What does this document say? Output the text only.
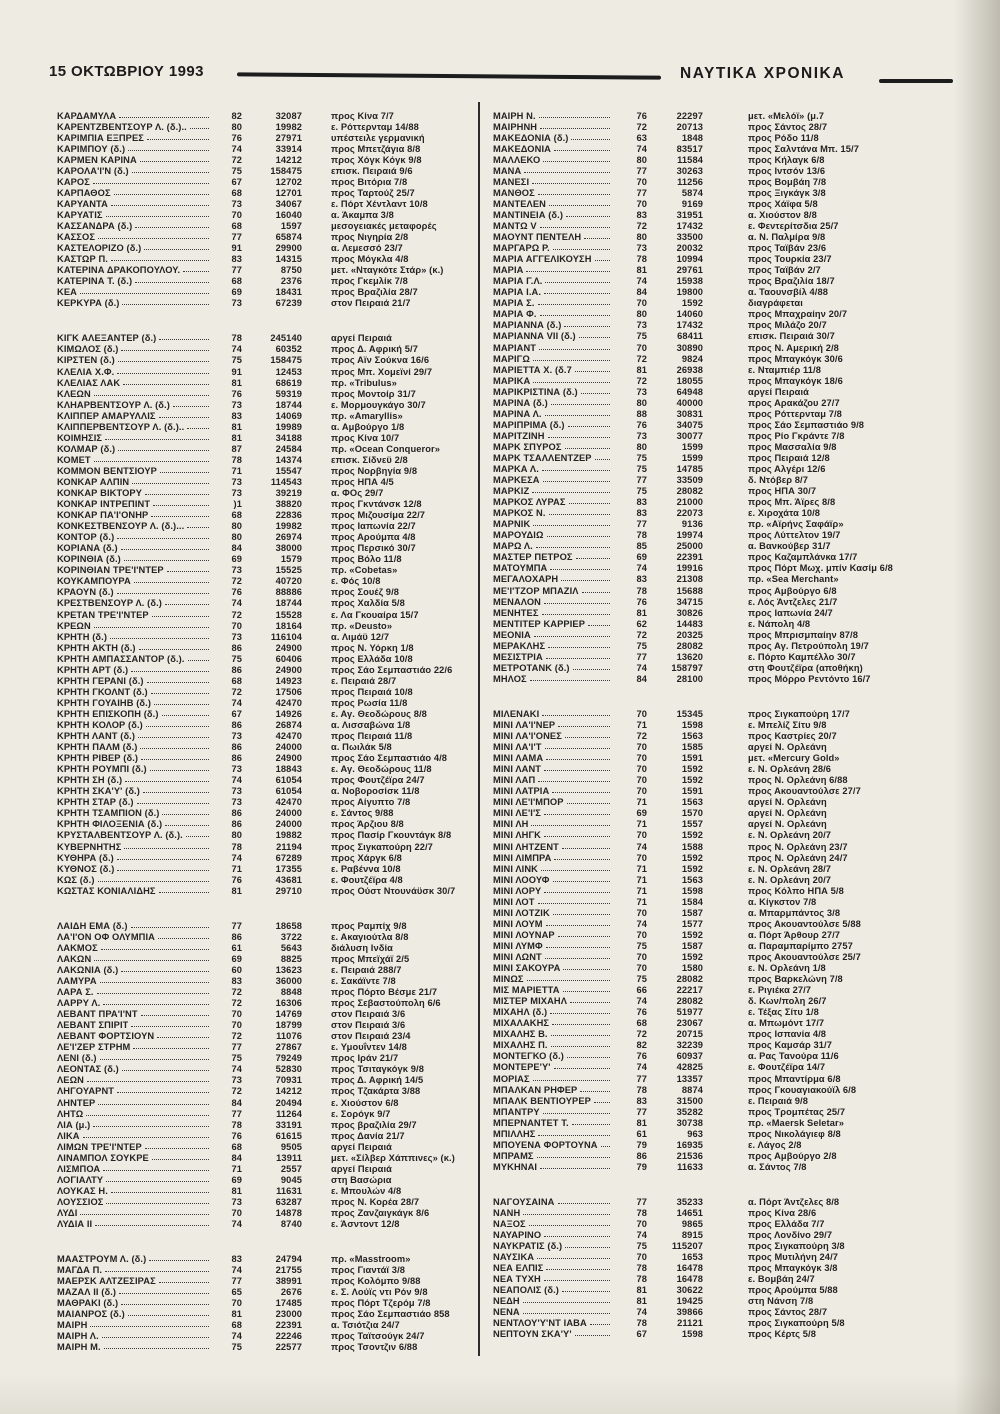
15 ΟΚΤΩΒΡΙΟΥ 1993	ΝΑΥΤΙΚΑ ΧΡΟΝΙΚΑ
ΚΑΡΔΑΜΥΛΑ	82	32087	προς Κίνα 7/7
ΚΑΡΕΝΤΖΒΕΝΤΣΟΥΡ Λ. (δ.)..	80	19982	ε. Ρόττερνταμ 14/88
ΚΑΡΙΜΠΙΑ ΕΞΠΡΕΣ	76	27971	υπέστειλε γερμανική
ΚΑΡΙΜΠΟΥ (δ.)	74	33914	προς Μπετζάγια 8/8
ΚΑΡΜΕΝ ΚΑΡΙΝΑ	72	14212	προς Χόγκ Κόγκ 9/8
ΚΑΡΟΛΑ'Ι'Ν (δ.)	75	158475	επισκ. Πειραιά 9/6
ΚΑΡΟΣ	67	12702	προς Βιτόρια 7/8
ΚΑΡΠΑΘΟΣ	68	12701	προς Ταρτούζ 25/7
ΚΑΡΥΑΝΤΑ	73	34067	ε. Πόρτ Χέντλαντ 10/8
ΚΑΡΥΑΤΙΣ	70	16040	α. Άκαμπα 3/8
ΚΑΣΣΑΝΔΡΑ (δ.)	68	1597	μεσογειακές μεταφορές
ΚΑΣΣΟΣ	77	65874	προς Νιγηρία 2/8
ΚΑΣΤΕΛΟΡΙΖΟ (δ.)	91	29900	α. Λεμεσσό 23/7
ΚΑΣΤΩΡ Π.	83	14315	προς Μόγκλα 4/8
ΚΑΤΕΡΙΝΑ ΔΡΑΚΟΠΟΥΛΟΥ.	77	8750	μετ. «Νταγκότε Στάρ» (κ.)
ΚΑΤΕΡΙΝΑ Τ. (δ.)	68	2376	προς Γκεμλίκ 7/8
ΚΕΑ	69	18431	προς Βραζιλία 28/7
ΚΕΡΚΥΡΑ (δ.)	73	67239	στον Πειραιά 21/7
ΚΙΓΚ ΑΛΕΞΑΝΤΕΡ (δ.)	78	245140	αργεί Πειραιά
ΚΙΜΩΛΟΣ (δ.)	74	60352	προς Δ. Αφρική 5/7
ΚΙΡΣΤΕΝ (δ.)	75	158475	προς Αϊν Σούκνα 16/6
ΚΛΕΛΙΑ Χ.Φ.	91	12453	προς Μπ. Χομεϊνί 29/7
ΚΛΕΛΙΑΣ ΛΑΚ	81	68619	πρ. «Tribulus»
ΚΛΕΩΝ	76	59319	προς Μοντοίρ 31/7
ΚΛΗΑΡΒΕΝΤΣΟΥΡ Λ. (δ.)	73	18744	ε. Μορμουγκάγο 30/7
ΚΛΙΠΠΕΡ ΑΜΑΡΥΛΛΙΣ	83	14069	πρ. «Amaryllis»
ΚΛΙΠΠΕΡΒΕΝΤΣΟΥΡ Λ. (δ.)..	81	19989	α. Αμβούργο 1/8
ΚΟΙΜΗΣΙΣ	81	34188	προς Κίνα 10/7
ΚΟΛΜΑΡ (δ.)	87	24584	πρ. «Ocean Conqueror»
ΚΟΜΕΤ	78	14374	επισκ. Σίδνεϋ 2/8
ΚΟΜΜΟΝ ΒΕΝΤΣΙΟΥΡ	71	15547	προς Νορβηγία 9/8
ΚΟΝΚΑΡ ΑΛΠΙΝ	73	114543	προς ΗΠΑ 4/5
ΚΟΝΚΑΡ ΒΙΚΤΟΡΥ	73	39219	α. ΦΟς 29/7
ΚΟΝΚΑΡ ΙΝΤΡΕΠΙΝΤ	)1	38820	προς Γκντάνσκ 12/8
ΚΟΝΚΑΡ ΠΑ'Ι'ΟΝΗΡ	68	22836	προς Μιζουσίμα 22/7
ΚΟΝΚΕΣΤΒΕΝΣΟΥΡ Λ. (δ.)...	80	19982	προς Ιαπωνία 22/7
ΚΟΝΤΟΡ (δ.)	80	26974	προς Αρούμπα 4/8
ΚΟΡΙΑΝΑ (δ.)	84	38000	προς Περσικό 30/7
ΚΟΡΙΝΘΙΑ (δ.)	69	1579	προς Βόλο 11/8
ΚΟΡΙΝΘΙΑΝ ΤΡΕ'Ι'ΝΤΕΡ	73	15525	πρ. «Cobetas»
ΚΟΥΚΑΜΠΟΥΡΑ	72	40720	ε. Φός 10/8
ΚΡΑΟΥΝ (δ.)	76	88886	προς Σουέζ 9/8
ΚΡΕΣΤΒΕΝΣΟΥΡ Λ. (δ.)	74	18744	προς Χαλδία 5/8
ΚΡΕΤΑΝ ΤΡΕ'Ι'ΝΤΕΡ	72	15528	ε. Λα Γκουαίρα 15/7
ΚΡΕΩΝ	70	18164	πρ. «Deusto»
ΚΡΗΤΗ (δ.)	73	116104	α. Λιμάϋ 12/7
ΚΡΗΤΗ ΑΚΤΗ (δ.)	86	24900	προς Ν. Υόρκη 1/8
ΚΡΗΤΗ ΑΜΠΑΣΣΑΝΤΟΡ (δ.).	75	60406	προς Ελλάδα 10/8
ΚΡΗΤΗ ΑΡΤ (δ.)	86	24900	προς Σάο Σεμπαστιάο 22/6
ΚΡΗΤΗ ΓΕΡΑΝΙ (δ.)	68	14923	ε. Πειραιά 28/7
ΚΡΗΤΗ ΓΚΟΛΝΤ (δ.)	72	17506	προς Πειραιά 10/8
ΚΡΗΤΗ ΓΟΥΑΙΗΒ (δ.)	74	42470	προς Ρωσία 11/8
ΚΡΗΤΗ ΕΠΙΣΚΟΠΗ (δ.)	67	14926	ε. Αγ. Θεοδώρους 8/8
ΚΡΗΤΗ ΚΟΛΟΡ (δ.)	86	26874	α. Λισσαβώνα 1/8
ΚΡΗΤΗ ΛΑΝΤ (δ.)	73	42470	προς Πειραιά 11/8
ΚΡΗΤΗ ΠΑΛΜ (δ.)	86	24000	α. Πωιλάκ 5/8
ΚΡΗΤΗ ΡΙΒΕΡ (δ.)	86	24900	προς Σάο Σεμπαστιάο 4/8
ΚΡΗΤΗ ΡΟΥΜΠΙ (δ.)	73	18843	ε. Αγ. Θεοδώρους 11/8
ΚΡΗΤΗ ΣΗ (δ.)	74	61054	προς Φουτζέϊρα 24/7
ΚΡΗΤΗ ΣΚΑ'Υ' (δ.)	73	61054	α. Νοβοροσίσκ 11/8
ΚΡΗΤΗ ΣΤΑΡ (δ.)	73	42470	προς Αίγυπτο 7/8
ΚΡΗΤΗ ΤΣΑΜΠΙΟΝ (δ.)	86	24000	ε. Σάντος 9/88
ΚΡΗΤΗ ΦΙΛΟΞΕΝΙΑ (δ.)	86	24000	προς Άρζιου 8/8
ΚΡΥΣΤΑΛΒΕΝΤΣΟΥΡ Λ. (δ.).	80	19882	προς Πασίρ Γκουντάγκ 8/8
ΚΥΒΕΡΝΗΤΗΣ	78	21194	προς Σιγκαπούρη 22/7
ΚΥΘΗΡΑ (δ.)	74	67289	προς Χάργκ 6/8
ΚΥΘΝΟΣ (δ.)	71	17355	ε. Ραβέννα 10/8
ΚΩΣ (δ.)	76	43681	ε. Φουτζέϊρα 4/8
ΚΩΣΤΑΣ ΚΟΝΙΑΛΙΔΗΣ	81	29710	προς Ούστ Ντουνάϋσκ 30/7
ΛΑΙΔΗ ΕΜΑ (δ.)	77	18658	προς Ραμπίχ 9/8
ΛΑ'Ι'ΟΝ ΟΦ ΟΛΥΜΠΙΑ	86	3722	ε. Ακαγιούτλα 8/8
ΛΑΚΜΟΣ	61	5643	διάλυση Ινδία
ΛΑΚΩΝ	69	8825	προς Μπεϊχάϊ 2/5
ΛΑΚΩΝΙΑ (δ.)	60	13623	ε. Πειραιά 288/7
ΛΑΜΥΡΑ	83	36000	ε. Σακάϊντε 7/8
ΛΑΡΑ Σ.	72	8848	προς Πόρτο Βέσμε 21/7
ΛΑΡΡΥ Λ.	72	16306	προς Σεβαστούπολη 6/6
ΛΕΒΑΝΤ ΠΡΑ'Ι'ΝΤ	70	14769	στον Πειραιά 3/6
ΛΕΒΑΝΤ ΣΠΙΡΙΤ	70	18799	στον Πειραιά 3/6
ΛΕΒΑΝΤ ΦΟΡΤΣΙΟΥΝ	72	11076	στον Πειραιά 23/4
ΛΕ'Ι'ΖΕΡ ΣΤΡΗΜ	77	27867	ε. Υμουΐντεν 14/8
ΛΕΝΙ (δ.)	75	79249	προς Ιράν 21/7
ΛΕΟΝΤΑΣ (δ.)	74	52830	προς Τσιταγκόγκ 9/8
ΛΕΩΝ	73	70931	προς Δ. Αφρική 14/5
ΛΗΓΟΥΑΡΝΤ	72	14212	προς Τζακάρτα 3/88
ΛΗΝΤΕΡ	84	20494	ε. Χιούστον 6/8
ΛΗΤΩ	77	11264	ε. Σορόγκ 9/7
ΛΙΑ (μ.)	78	33191	προς βραζιλία 29/7
ΛΙΚΑ	76	61615	προς Δανία 21/7
ΛΙΜΩΝ ΤΡΕ'Ι'ΝΤΕΡ	68	9505	αργεί Πειραιά
ΛΙΝΑΜΠΟΛ ΣΟΥΚΡΕ	84	13911	μετ. «Σίλβερ Χάππινες» (κ.)
ΛΙΣΜΠΟΑ	71	2557	αργεί Πειραιά
ΛΟΓΙΑΛΤΥ	69	9045	στη Βασώρια
ΛΟΥΚΑΣ Η.	81	11631	ε. Μπουλών 4/8
ΛΟΥΣΣΙΟΣ	73	63287	προς Ν. Κορέα 28/7
ΛΥΔΙ	70	14878	προς Ζανζαιγκάγκ 8/6
ΛΥΔΙΑ ΙΙ	74	8740	ε. Άσντοντ 12/8
ΜΑΑΣΤΡΟΥΜ Λ. (δ.)	83	24794	πρ. «Masstroom»
ΜΑΓΔΑ Π.	74	21755	προς Γιαντάϊ 3/8
ΜΑΕΡΣΚ ΑΛΤΖΕΣΙΡΑΣ	77	38991	προς Κολόμπο 9/88
ΜΑΖΑΛ ΙΙ (δ.)	65	2676	ε. Σ. Λούϊς ντι Ρόν 9/8
ΜΑΘΡΑΚΙ (δ.)	70	17485	προς Πόρτ Τζερόμ 7/8
ΜΑΙΑΝΡΟΣ (δ.)	81	23000	προς Σάο Σεμπαστιάο 858
ΜΑΙΡΗ	68	22391	α. Τσιότζια 24/7
ΜΑΙΡΗ Λ.	74	22246	προς Ταϊτσούγκ 24/7
ΜΑΙΡΗ Μ.	75	22577	προς Τσοντζιν 6/88
ΜΑΙΡΗ Ν.	76	22297	μετ. «Μελόϊ» (μ.7
ΜΑΙΡΗΝΗ	72	20713	προς Σάντος 28/7
ΜΑΚΕΔΟΝΙΑ (δ.)	63	1848	προς Ρόδο 11/8
ΜΑΚΕΔΟΝΙΑ	74	83517	προς Σαλντάνα Μπ. 15/7
ΜΑΛΛΕΚΟ	80	11584	προς Κήλαγκ 6/8
ΜΑΝΑ	77	30263	προς Ιντσόν 13/6
ΜΑΝΕΣΙ	70	11256	προς Βομβάη 7/8
ΜΑΝΘΟΣ	77	5874	προς Ξιγκάγκ 3/8
ΜΑΝΤΕΛΕΝ	70	9169	προς Χάϊφα 5/8
ΜΑΝΤΙΝΕΙΑ (δ.)	83	31951	α. Χιούστον 8/8
ΜΑΝΤΩ V	72	17432	ε. Φεντερίτσδια 25/7
ΜΑΟΥΝΤ ΠΕΝΤΕΛΗ	80	33500	α. Ν. Παλμίρα 9/8
ΜΑΡΓΑΡΩ Ρ.	73	20032	προς Ταϊβάν 23/6
ΜΑΡΙΑ ΑΓΓΕΛΙΚΟΥΣΗ	78	10994	προς Τουρκία 23/7
ΜΑΡΙΑ	81	29761	προς Ταϊβάν 2/7
ΜΑΡΙΑ Γ.Λ.	74	15938	προς Βραζιλία 18/7
ΜΑΡΙΑ Ι.Α.	84	19800	α. Ταουνσβίλ 4/88
ΜΑΡΙΑ Σ.	70	1592	διαγράφεται
ΜΑΡΙΑ Φ.	80	14060	προς Μπαχραίην 20/7
ΜΑΡΙΑΝΝΑ (δ.)	73	17432	προς Μιλάζο 20/7
ΜΑΡΙΑΝΝΑ VII (δ.)	75	68411	επισκ. Πειραιά 30/7
ΜΑΡΙΑΝΤ	70	30890	προς Ν. Αμερική 2/8
ΜΑΡΙΓΩ	72	9824	προς Μπαγκόγκ 30/6
ΜΑΡΙΕΤΤΑ Χ. (δ.7	81	26938	ε. Νταμπιέρ 11/8
ΜΑΡΙΚΑ	72	18055	προς Μπαγκόγκ 18/6
ΜΑΡΙΚΡΙΣΤΙΝΑ (δ.)	73	64948	αργεί Πειραιά
ΜΑΡΙΝΑ (δ.)	80	40000	προς Αρακάζου 27/7
ΜΑΡΙΝΑ Λ.	88	30831	προς Ρόττερνταμ 7/8
ΜΑΡΙΠΡΙΜΑ (δ.)	76	34075	προς Σάο Σεμπαστιάο 9/8
ΜΑΡΙΤΖΙΝΗ	73	30077	προς Ρίο Γκράντε 7/8
ΜΑΡΚ ΣΠΥΡΟΣ	80	1599	προς Μασσαλία 9/8
ΜΑΡΚ ΤΣΑΛΛΕΝΤΖΕΡ	75	1599	προς Πειραιά 12/8
ΜΑΡΚΑ Λ.	75	14785	προς Αλγέρι 12/6
ΜΑΡΚΕΣΑ	77	33509	δ. Ντόβερ 8/7
ΜΑΡΚΙΖ	75	28082	προς ΗΠΑ 30/7
ΜΑΡΚΟΣ ΛΥΡΑΣ	83	21000	προς Μπ. Άϊρες 8/8
ΜΑΡΚΟΣ Ν.	83	22073	ε. Χιροχάτα 10/8
ΜΑΡΝΙΚ	77	9136	πρ. «Αϊρήνς Σαφάϊρ»
ΜΑΡΟΥΔΙΩ	78	19974	προς Λύττελτον 19/7
ΜΑΡΩ Λ.	85	25000	α. Βανκούβερ 31/7
ΜΑΣΤΕΡ ΠΕΤΡΟΣ	69	22391	προς Καζαμπλάνκα 17/7
ΜΑΤΟΥΜΠΑ	74	19916	προς Πόρτ Μωχ. μπίν Κασίμ 6/8
ΜΕΓΑΛΟΧΑΡΗ	83	21308	πρ. «Sea Merchant»
ΜΕ'Ι'ΤΖΟΡ ΜΠΑΖΙΛ	78	15688	προς Αμβούργο 6/8
ΜΕΝΑΛΟΝ	76	34715	ε. Λός Άντζελες 21/7
ΜΕΝΗΤΕΣ	81	30826	προς Ιαπωνία 24/7
ΜΕΝΤΙΤΕΡ ΚΑΡΡΙΕΡ	62	14483	ε. Νάπολη 4/8
ΜΕΟΝΙΑ	72	20325	προς Μπρισμπαίην 87/8
ΜΕΡΑΚΛΗΣ	75	28082	προς Αγ. Πετρούπολη 19/7
ΜΕΣΙΣΤΡΙΑ	77	13620	ε. Πόρτο Καμπέλλο 30/7
ΜΕΤΡΟΤΑΝΚ (δ.)	74	158797	στη Φουτζέϊρα (αποθήκη)
ΜΗΛΟΣ	84	28100	προς Μόρρο Ρεντόντο 16/7
ΜΙΛΕΝΑΚΙ	70	15345	προς Σιγκαπούρη 17/7
ΜΙΝΙ ΛΑ'Ι'ΝΕΡ	71	1598	ε. Μπελίζ Σίτυ 9/8
ΜΙΝΙ ΛΑ'Ι'ΟΝΕΣ	72	1563	προς Καστρίες 20/7
ΜΙΝΙ ΛΑ'Ι'Τ	70	1585	αργεί Ν. Ορλεάνη
ΜΙΝΙ ΛΑΜΑ	70	1591	μετ. «Mercury Gold»
ΜΙΝΙ ΛΑΝΤ	70	1592	ε. Ν. Ορλεάνη 28/6
ΜΙΝΙ ΛΑΠ	70	1592	προς Ν. Ορλεάνη 6/88
ΜΙΝΙ ΛΑΤΡΙΑ	70	1591	προς Ακουαντούλσε 27/7
ΜΙΝΙ ΛΕ'Ι'ΜΠΟΡ	71	1563	αργεί Ν. Ορλεάνη
ΜΙΝΙ ΛΕ'Ι'Σ	69	1570	αργεί Ν. Ορλεάνη
ΜΙΝΙ ΛΗ	71	1557	αργεί Ν. Ορλεάνη
ΜΙΝΙ ΛΗΓΚ	70	1592	ε. Ν. Ορλεάνη 20/7
ΜΙΝΙ ΛΗΤΖΕΝΤ	74	1588	προς Ν. Ορλεάνη 23/7
ΜΙΝΙ ΛΙΜΠΡΑ	70	1592	προς Ν. Ορλεάνη 24/7
ΜΙΝΙ ΛΙΝΚ	71	1592	ε. Ν. Ορλεάνη 28/7
ΜΙΝΙ ΛΟΟΥΦ	71	1563	ε. Ν. Ορλεάνη 20/7
ΜΙΝΙ ΛΟΡΥ	71	1598	προς Κόλπο ΗΠΑ 5/8
ΜΙΝΙ ΛΟΤ	71	1584	α. Κίγκστον 7/8
ΜΙΝΙ ΛΟΤΖΙΚ	70	1587	α. Μπαρμπάντος 3/8
ΜΙΝΙ ΛΟΥΜ	74	1577	προς Ακουαντούλσε 5/88
ΜΙΝΙ ΛΟΥΝΑΡ	70	1592	α. Πόρτ Άρθουρ 27/7
ΜΙΝΙ ΛΥΜΦ	75	1587	α. Παραμπαρίμπο 2757
ΜΙΝΙ ΛΩΝΤ	70	1592	προς Ακουαντούλσε 25/7
ΜΙΝΙ ΣΑΚΟΥΡΑ	70	1580	ε. Ν. Ορλεάνη 1/8
ΜΙΝΩΣ	75	28082	προς Βαρκελώνη 7/8
ΜΙΣ ΜΑΡΙΕΤΤΑ	66	22217	ε. Ριγιέκα 27/7
ΜΙΣΤΕΡ ΜΙΧΑΗΛ	74	28082	δ. Κων/πολη 26/7
ΜΙΧΑΗΛ (δ.)	76	51977	ε. Τέξας Σίτυ 1/8
ΜΙΧΑΛΑΚΗΣ	68	23067	α. Μπωμόντ 17/7
ΜΙΧΑΛΗΣ Β.	72	20715	προς Ισπανία 4/8
ΜΙΧΑΛΗΣ Π.	82	32239	προς Καμσάρ 31/7
ΜΟΝΤΕΓΚΟ (δ.)	76	60937	α. Ρας Τανούρα 11/6
ΜΟΝΤΕΡΕ'Υ'	74	42825	ε. Φουτζέϊρα 14/7
ΜΟΡΙΑΣ	77	13357	προς Μπαντίρμα 6/8
ΜΠΑΛΚΑΝ ΡΗΦΕΡ	78	8874	προς Γκουαγιακούϊλ 6/8
ΜΠΑΛΚ ΒΕΝΤΙΟΥΡΕΡ	83	31500	ε. Πειραιά 9/8
ΜΠΑΝΤΡΥ	77	35282	προς Τρομπέτας 25/7
ΜΠΕΡΝΑΝΤΕΤ Τ.	81	30738	πρ. «Maersk Seletar»
ΜΠΙΛΛΗΣ	61	963	προς Νικολάγιεφ 8/8
ΜΠΟΥΕΝΑ ΦΟΡΤΟΥΝΑ	79	16935	ε. Λάγος 2/8
ΜΠΡΑΜΣ	86	21536	προς Αμβούργο 2/8
ΜΥΚΗΝΑΙ	79	11633	α. Σάντος 7/8
ΝΑΓΟΥΣΑΙΝΑ	77	35233	α. Πόρτ Άντζελες 8/8
ΝΑΝΗ	78	14651	προς Κίνα 28/6
ΝΑΞΟΣ	70	9865	προς Ελλάδα 7/7
ΝΑΥΑΡΙΝΟ	74	8915	προς Λονδίνο 29/7
ΝΑΥΚΡΑΤΙΣ (δ.)	75	115207	προς Σιγκαπούρη 3/8
ΝΑΥΣΙΚΑ	70	1653	προς Μυτιλήνη 24/7
ΝΕΑ ΕΛΠΙΣ	78	16478	προς Μπαγκόγκ 3/8
ΝΕΑ ΤΥΧΗ	78	16478	ε. Βομβάη 24/7
ΝΕΑΠΟΛΙΣ (δ.)	81	30622	προς Αρούμπα 5/88
ΝΕΔΗ	81	19425	στη Νάνση 7/8
ΝΕΝΑ	74	39866	προς Σάντος 28/7
ΝΕΝΤΛΟΥ'Υ'ΝΤ ΙΑΒΑ	78	21121	προς Σιγκαπούρη 5/8
ΝΕΠΤΟΥΝ ΣΚΑ'Υ'	67	1598	προς Κέρτς 5/8
